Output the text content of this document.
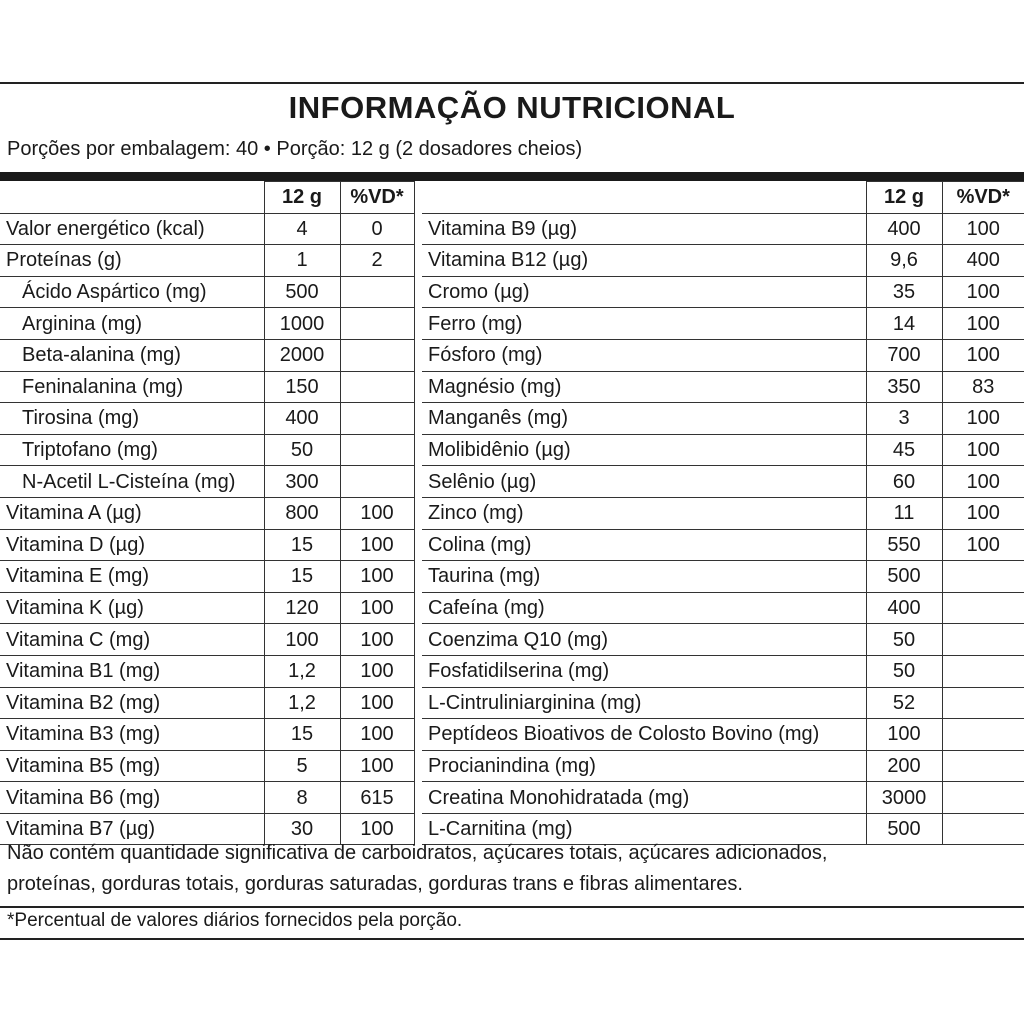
INFORMAÇÃO NUTRICIONAL
Porções por embalagem: 40 • Porção: 12 g (2 dosadores cheios)
	12 g	%VD*
Valor energético (kcal)	4	0
Proteínas (g)	1	2
Ácido Aspártico (mg)	500	
Arginina (mg)	1000	
Beta-alanina (mg)	2000	
Feninalanina (mg)	150	
Tirosina (mg)	400	
Triptofano (mg)	50	
N-Acetil L-Cisteína (mg)	300	
Vitamina A (µg)	800	100
Vitamina D (µg)	15	100
Vitamina E (mg)	15	100
Vitamina K (µg)	120	100
Vitamina C (mg)	100	100
Vitamina B1 (mg)	1,2	100
Vitamina B2 (mg)	1,2	100
Vitamina B3 (mg)	15	100
Vitamina B5 (mg)	5	100
Vitamina B6 (mg)	8	615
Vitamina B7 (µg)	30	100
	12 g	%VD*
Vitamina B9 (µg)	400	100
Vitamina B12 (µg)	9,6	400
Cromo (µg)	35	100
Ferro (mg)	14	100
Fósforo (mg)	700	100
Magnésio (mg)	350	83
Manganês (mg)	3	100
Molibidênio (µg)	45	100
Selênio (µg)	60	100
Zinco (mg)	11	100
Colina (mg)	550	100
Taurina (mg)	500	
Cafeína (mg)	400	
Coenzima Q10 (mg)	50	
Fosfatidilserina (mg)	50	
L-Cintruliniarginina (mg)	52	
Peptídeos Bioativos de Colosto Bovino (mg)	100	
Procianindina (mg)	200	
Creatina Monohidratada (mg)	3000	
L-Carnitina (mg)	500	
Não contém quantidade significativa de carboidratos, açúcares totais, açúcares adicionados,
proteínas, gorduras totais, gorduras saturadas, gorduras trans e fibras alimentares.
*Percentual de valores diários fornecidos pela porção.
